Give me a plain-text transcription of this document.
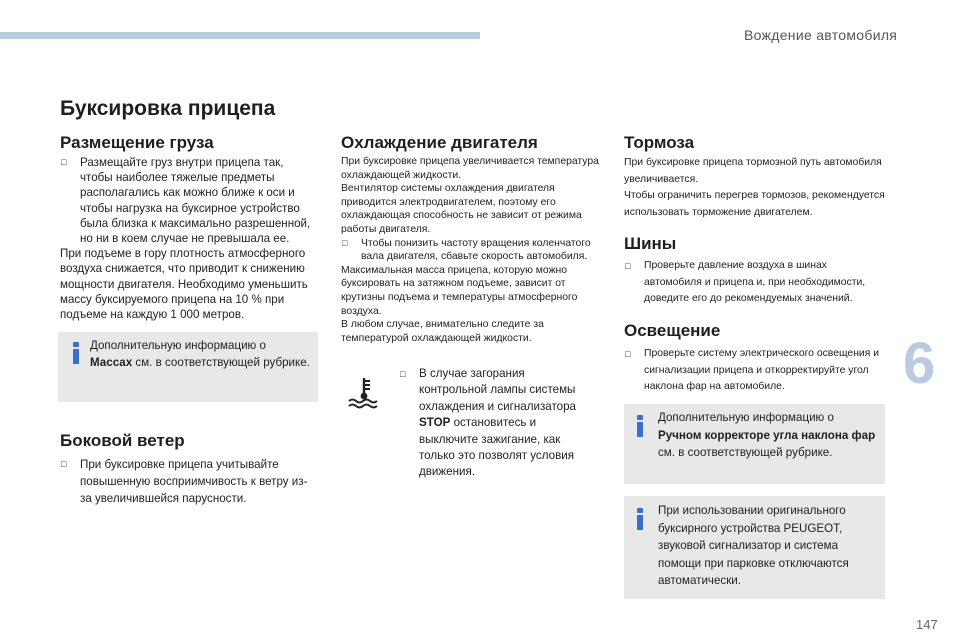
Вождение автомобиля
6
147
Буксировка прицепа
Размещение груза
□ Размещайте груз внутри прицепа так, чтобы наиболее тяжелые предметы располагались как можно ближе к оси и чтобы нагрузка на буксирное устройство была близка к максимально разрешенной, но ни в коем случае не превышала ее.
При подъеме в гору плотность атмосферного воздуха снижается, что приводит к снижению мощности двигателя. Необходимо уменьшить массу буксируемого прицепа на 10 % при подъеме на каждую 1 000 метров.
Дополнительную информацию о
Массах см. в соответствующей рубрике.
Боковой ветер
□ При буксировке прицепа учитывайте повышенную восприимчивость к ветру из-за увеличившейся парусности.
Охлаждение двигателя
При буксировке прицепа увеличивается температура охлаждающей жидкости.
Вентилятор системы охлаждения двигателя приводится электродвигателем, поэтому его охлаждающая способность не зависит от режима работы двигателя.
□ Чтобы понизить частоту вращения коленчатого вала двигателя, сбавьте скорость автомобиля.
Максимальная масса прицепа, которую можно буксировать на затяжном подъеме, зависит от крутизны подъема и температуры атмосферного воздуха.
В любом случае, внимательно следите за температурой охлаждающей жидкости.
□ В случае загорания контрольной лампы системы охлаждения и сигнализатора STOP остановитесь и выключите зажигание, как только это позволят условия движения.
Тормоза
При буксировке прицепа тормозной путь автомобиля увеличивается.
Чтобы ограничить перегрев тормозов, рекомендуется использовать торможение двигателем.
Шины
□ Проверьте давление воздуха в шинах автомобиля и прицепа и, при необходимости, доведите его до рекомендуемых значений.
Освещение
□ Проверьте систему электрического освещения и сигнализации прицепа и откорректируйте угол наклона фар на автомобиле.
Дополнительную информацию о Ручном корректоре угла наклона фар см. в соответствующей рубрике.
При использовании оригинального буксирного устройства PEUGEOT, звуковой сигнализатор и система помощи при парковке отключаются автоматически.
